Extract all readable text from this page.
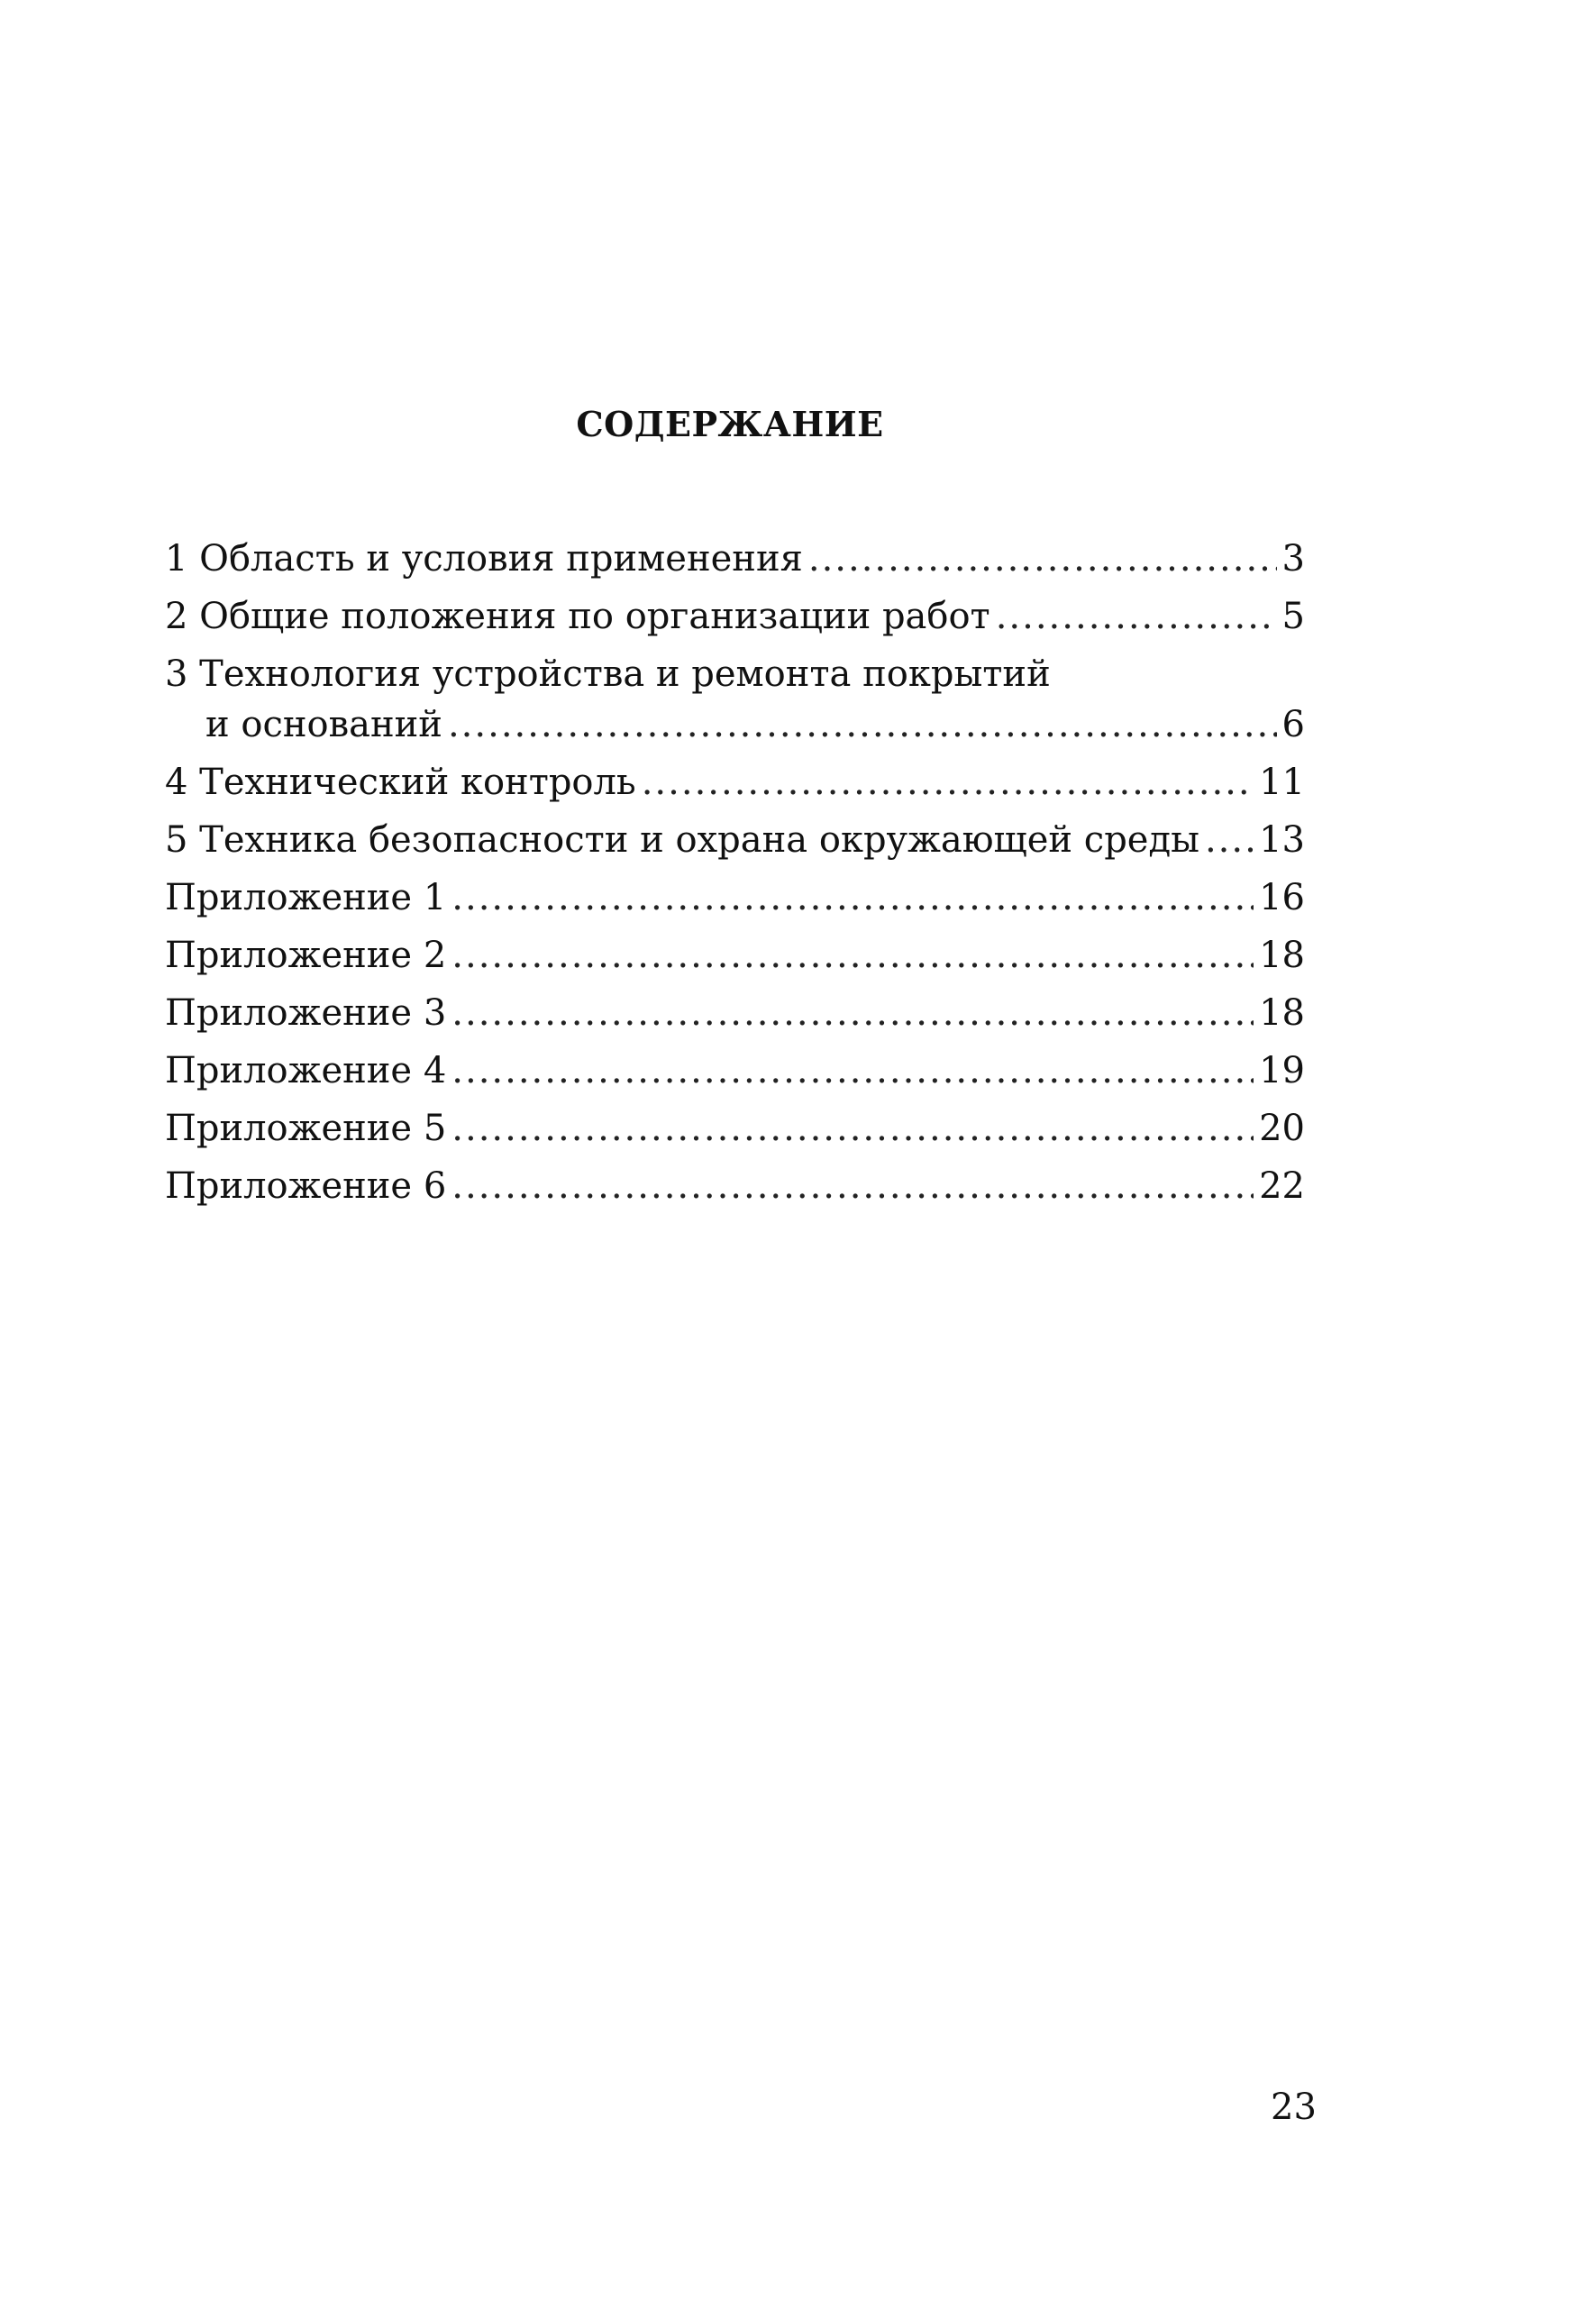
СОДЕРЖАНИЕ
1 Область и условия применения .....	3
2 Общие положения по организации работ .....	5
3 Технология устройства и ремонта покрытий
и оснований .....	6
4 Технический контроль .....	11
5 Техника безопасности и охрана окружающей среды ..... 13
Приложение 1 .....	16
Приложение 2 .....	18
Приложение 3 .....	18
Приложение 4 .....	19
Приложение 5 .....	20
Приложение 6 .....	22
23
